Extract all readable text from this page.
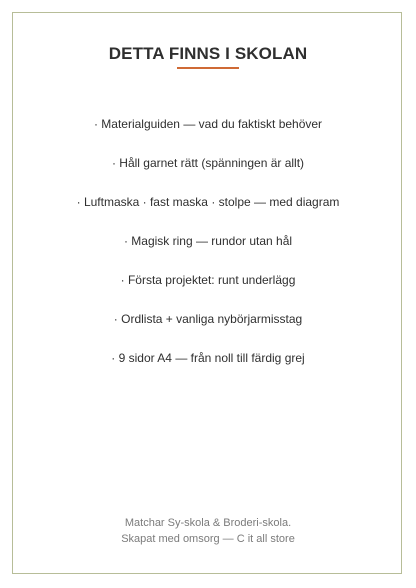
DETTA FINNS I SKOLAN
· Materialguiden — vad du faktiskt behöver
· Håll garnet rätt (spänningen är allt)
· Luftmaska · fast maska · stolpe — med diagram
· Magisk ring — rundor utan hål
· Första projektet: runt underlägg
· Ordlista + vanliga nybörjarmisstag
· 9 sidor A4 — från noll till färdig grej
Matchar Sy-skola & Broderi-skola.
Skapat med omsorg — C it all store
